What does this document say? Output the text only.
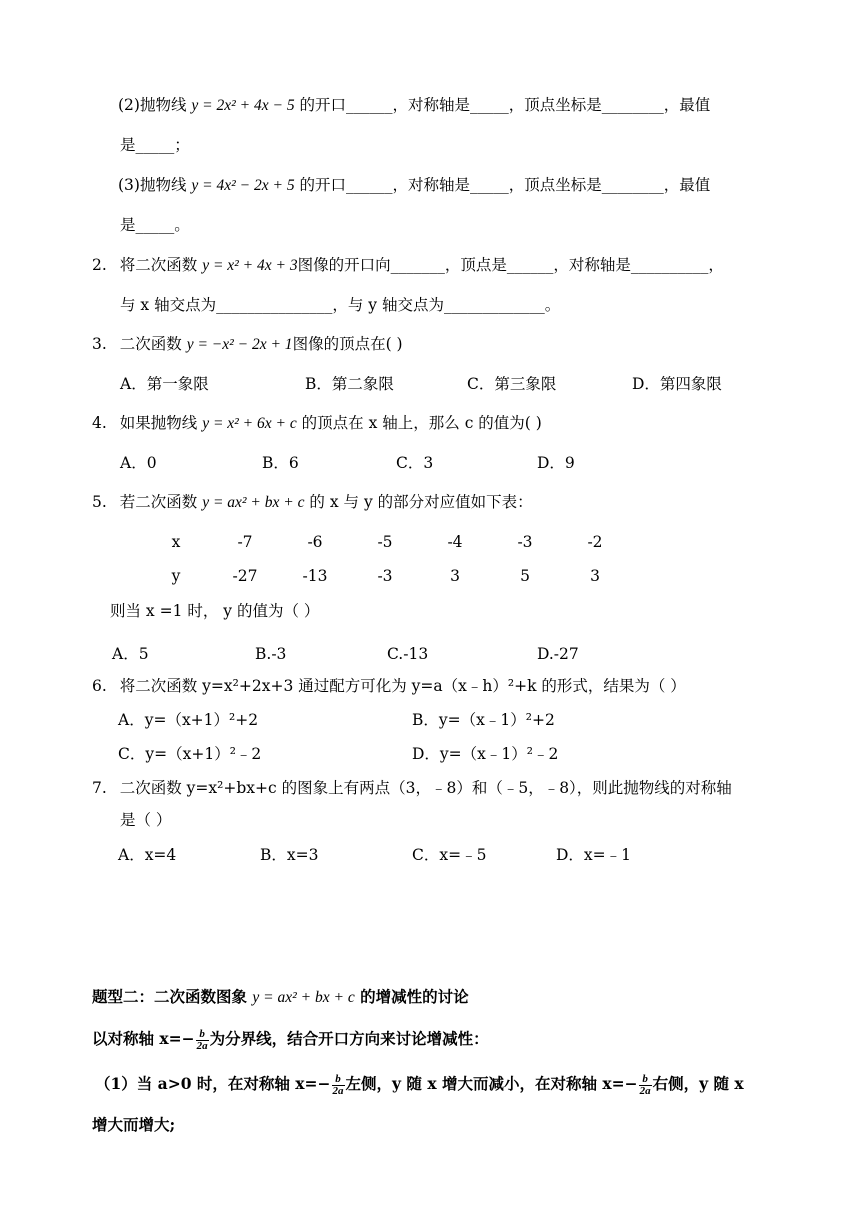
(2)抛物线 y = 2x² + 4x − 5 的开口______，对称轴是_____，顶点坐标是________，最值
是_____；
(3)抛物线 y = 4x² − 2x + 5 的开口______，对称轴是_____，顶点坐标是________，最值
是_____。
2. 将二次函数 y = x² + 4x + 3图像的开口向_______，顶点是______，对称轴是__________，
与 x 轴交点为_______________，与 y 轴交点为_____________。
3. 二次函数 y = −x² − 2x + 1图像的顶点在( )
A．第一象限	B．第二象限	C．第三象限	D．第四象限
4. 如果抛物线 y = x² + 6x + c 的顶点在 x 轴上，那么 c 的值为( )
A．0	B．6	C．3	D．9
5. 若二次函数 y = ax² + bx + c 的 x 与 y 的部分对应值如下表：
x	-7	-6	-5	-4	-3	-2
y	-27	-13	-3	3	5	3
则当 x =1 时， y 的值为（ ）
A．5	B.-3	C.-13	D.-27
6. 将二次函数 y=x²+2x+3 通过配方可化为 y=a（x﹣h）²+k 的形式，结果为（ ）
A．y=（x+1）²+2	B．y=（x﹣1）²+2
C．y=（x+1）²﹣2	D．y=（x﹣1）²﹣2
7. 二次函数 y=x²+bx+c 的图象上有两点（3，﹣8）和（﹣5，﹣8），则此抛物线的对称轴
是（ ）
A．x=4	B．x=3	C．x=﹣5	D．x=﹣1
题型二：二次函数图象 y = ax² + bx + c 的增减性的讨论
以对称轴 $x=- \frac{b}{2a}$ 为分界线，结合开口方向来讨论增减性：
（1）当 a>0 时，在对称轴 $x=- \frac{b}{2a}$ 左侧，y 随 x 增大而减小，在对称轴 $x=- \frac{b}{2a}$ 右侧，y 随 x
增大而增大;
